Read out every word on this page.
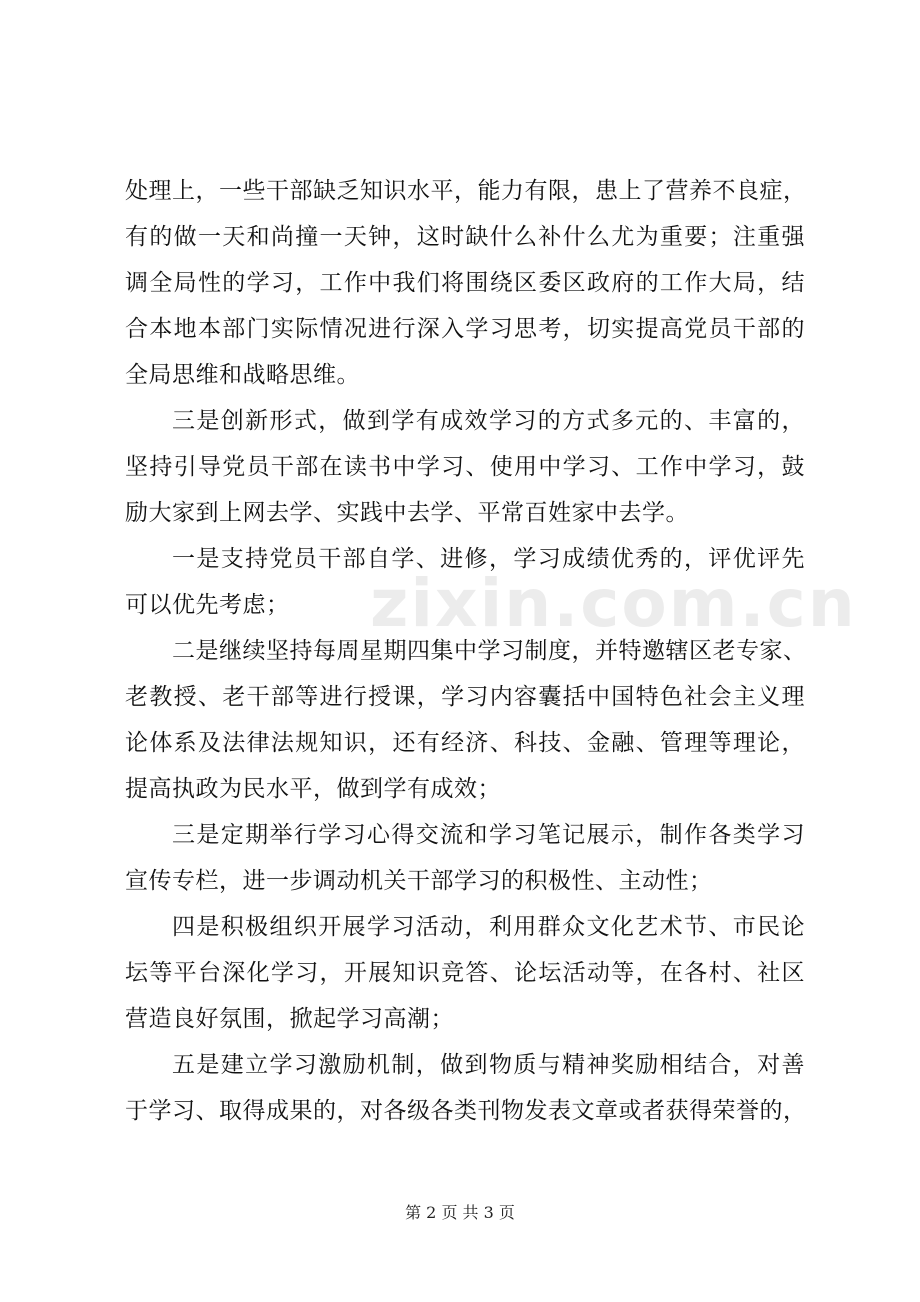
处理上，一些干部缺乏知识水平，能力有限，患上了营养不良症，
有的做一天和尚撞一天钟，这时缺什么补什么尤为重要；注重强
调全局性的学习，工作中我们将围绕区委区政府的工作大局，结
合本地本部门实际情况进行深入学习思考，切实提高党员干部的
全局思维和战略思维。
三是创新形式，做到学有成效学习的方式多元的、丰富的，
坚持引导党员干部在读书中学习、使用中学习、工作中学习，鼓
励大家到上网去学、实践中去学、平常百姓家中去学。
一是支持党员干部自学、进修，学习成绩优秀的，评优评先
可以优先考虑；
二是继续坚持每周星期四集中学习制度，并特邀辖区老专家、
老教授、老干部等进行授课，学习内容囊括中国特色社会主义理
论体系及法律法规知识，还有经济、科技、金融、管理等理论，
提高执政为民水平，做到学有成效；
三是定期举行学习心得交流和学习笔记展示，制作各类学习
宣传专栏，进一步调动机关干部学习的积极性、主动性；
四是积极组织开展学习活动，利用群众文化艺术节、市民论
坛等平台深化学习，开展知识竞答、论坛活动等，在各村、社区
营造良好氛围，掀起学习高潮；
五是建立学习激励机制，做到物质与精神奖励相结合，对善
于学习、取得成果的，对各级各类刊物发表文章或者获得荣誉的，
zixin.com.cn
第 2 页 共 3 页
